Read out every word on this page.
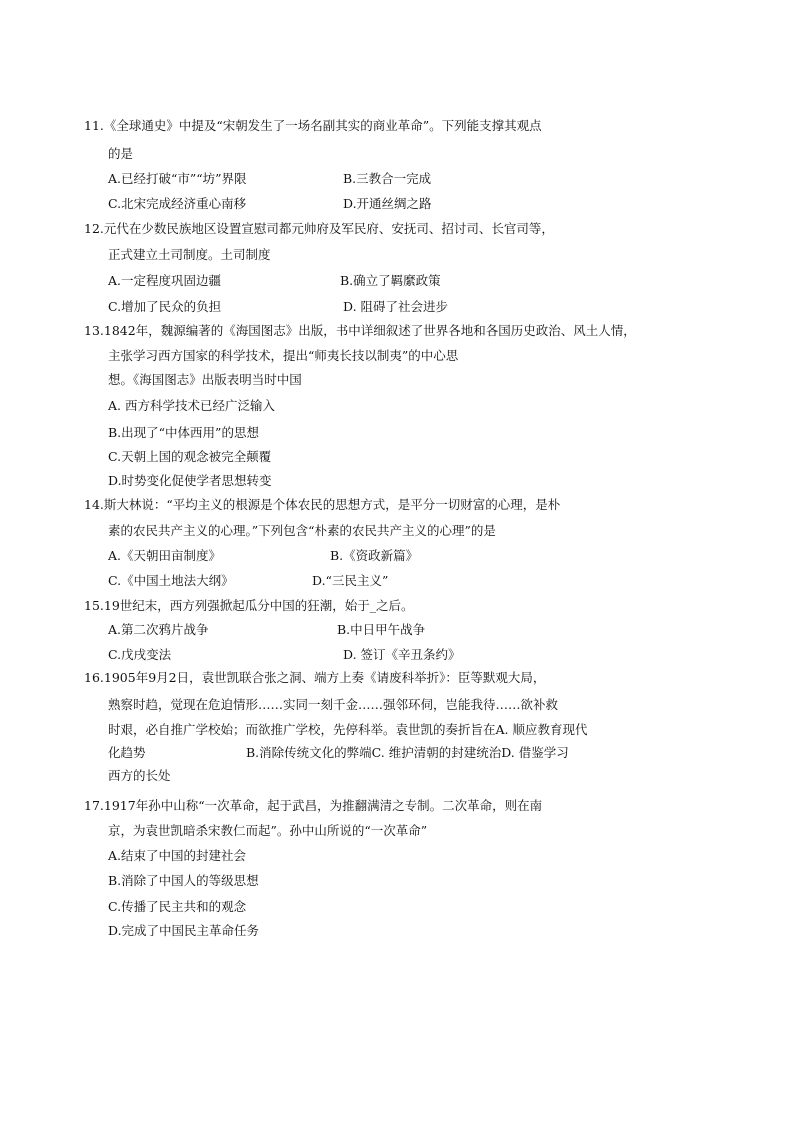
11.《全球通史》中提及“宋朝发生了一场名副其实的商业革命”。下列能支撑其观点
的是
A.已经打破“市”“坊”界限	B.三教合一完成
C.北宋完成经济重心南移	D.开通丝绸之路
12.元代在少数民族地区设置宣慰司都元帅府及军民府、安抚司、招讨司、长官司等，
正式建立土司制度。土司制度
A.一定程度巩固边疆	B.确立了羁縻政策
C.增加了民众的负担	D. 阻碍了社会进步
13.1842年，魏源编著的《海国图志》出版，书中详细叙述了世界各地和各国历史政治、风土人情，
主张学习西方国家的科学技术，提出“师夷长技以制夷”的中心思
想。《海国图志》出版表明当时中国
A. 西方科学技术已经广泛输入
B.出现了“中体西用”的思想
C.天朝上国的观念被完全颠覆
D.时势变化促使学者思想转变
14.斯大林说：“平均主义的根源是个体农民的思想方式，是平分一切财富的心理，是朴
素的农民共产主义的心理。”下列包含“朴素的农民共产主义的心理”的是
A.《天朝田亩制度》	B.《资政新篇》
C.《中国土地法大纲》	D.“三民主义”
15.19世纪末，西方列强掀起瓜分中国的狂潮，始于_之后。
A.第二次鸦片战争	B.中日甲午战争
C.戊戌变法	D. 签订《辛丑条约》
16.1905年9月2日，袁世凯联合张之洞、端方上奏《请废科举折》：臣等默观大局，
熟察时趋，觉现在危迫情形……实同一刻千金……强邻环伺，岂能我待……欲补救
时艰，必自推广学校始；而欲推广学校，先停科举。袁世凯的奏折旨在A. 顺应教育现代
化趋势	B.消除传统文化的弊端C. 维护清朝的封建统治D. 借鉴学习
西方的长处
17.1917年孙中山称“一次革命，起于武昌，为推翻满清之专制。二次革命，则在南
京，为袁世凯暗杀宋教仁而起”。孙中山所说的“一次革命”
A.结束了中国的封建社会
B.消除了中国人的等级思想
C.传播了民主共和的观念
D.完成了中国民主革命任务
